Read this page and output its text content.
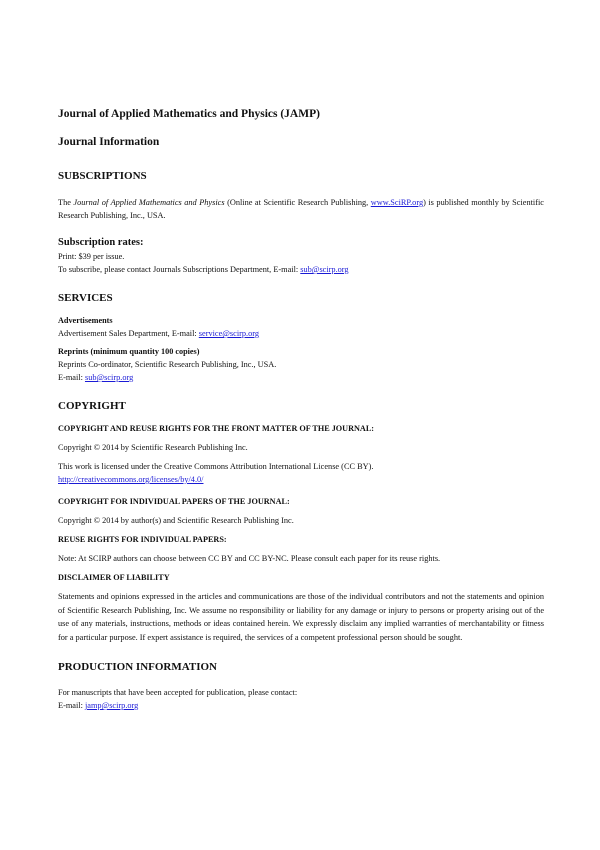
Journal of Applied Mathematics and Physics (JAMP)
Journal Information
SUBSCRIPTIONS

The Journal of Applied Mathematics and Physics (Online at Scientific Research Publishing, www.SciRP.org) is published monthly by Scientific Research Publishing, Inc., USA.

Subscription rates:

Print: $39 per issue.

To subscribe, please contact Journals Subscriptions Department, E-mail: sub@scirp.org

SERVICES
Advertisements

Advertisement Sales Department, E-mail: service@scirp.org

Reprints (minimum quantity 100 copies)

Reprints Co-ordinator, Scientific Research Publishing, Inc., USA.

E-mail: sub@scirp.org

COPYRIGHT
COPYRIGHT AND REUSE RIGHTS FOR THE FRONT MATTER OF THE JOURNAL:

Copyright © 2014 by Scientific Research Publishing Inc.

This work is licensed under the Creative Commons Attribution International License (CC BY).

http://creativecommons.org/licenses/by/4.0/

COPYRIGHT FOR INDIVIDUAL PAPERS OF THE JOURNAL:

Copyright © 2014 by author(s) and Scientific Research Publishing Inc.

REUSE RIGHTS FOR INDIVIDUAL PAPERS:

Note: At SCIRP authors can choose between CC BY and CC BY-NC. Please consult each paper for its reuse rights.

DISCLAIMER OF LIABILITY

Statements and opinions expressed in the articles and communications are those of the individual contributors and not the statements and opinion of Scientific Research Publishing, Inc. We assume no responsibility or liability for any damage or injury to persons or property arising out of the use of any materials, instructions, methods or ideas contained herein. We expressly disclaim any implied warranties of merchantability or fitness for a particular purpose. If expert assistance is required, the services of a competent professional person should be sought.

PRODUCTION INFORMATION

For manuscripts that have been accepted for publication, please contact:

E-mail: jamp@scirp.org
